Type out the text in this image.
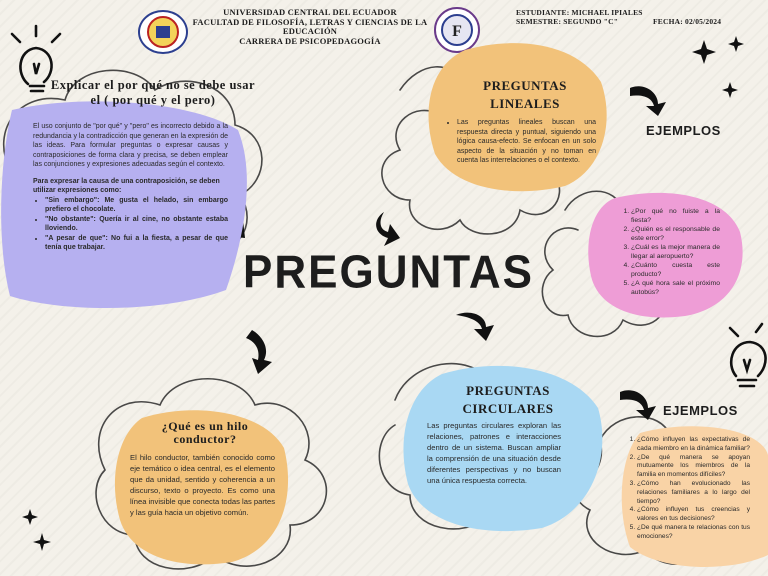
UNIVERSIDAD CENTRAL DEL ECUADOR
FACULTAD DE FILOSOFÍA, LETRAS Y CIENCIAS DE LA
EDUCACIÓN
CARRERA DE PSICOPEDAGOGÍA
F
ESTUDIANTE: MICHAEL IPIALES
SEMESTRE: SEGUNDO "C"	FECHA: 02/05/2024
Explicar el por qué no se debe usar el ( por qué y el pero)
El uso conjunto de "por qué" y "pero" es incorrecto debido a la redundancia y la contradicción que generan en la expresión de las ideas. Para formular preguntas o expresar causas y contraposiciones de forma clara y precisa, se deben emplear las conjunciones y expresiones adecuadas según el contexto.
Para expresar la causa de una contraposición, se deben utilizar expresiones como:
• "Sin embargo": Me gusta el helado, sin embargo prefiero el chocolate.
• "No obstante": Quería ir al cine, no obstante estaba lloviendo.
• "A pesar de que": No fui a la fiesta, a pesar de que tenía que trabajar.
PREGUNTAS LINEALES
• Las preguntas lineales buscan una respuesta directa y puntual, siguiendo una lógica causa-efecto. Se enfocan en un solo aspecto de la situación y no toman en cuenta las interrelaciones o el contexto.
EJEMPLOS
1. ¿Por qué no fuiste a la fiesta?
2. ¿Quién es el responsable de este error?
3. ¿Cuál es la mejor manera de llegar al aeropuerto?
4. ¿Cuánto cuesta este producto?
5. ¿A qué hora sale el próximo autobús?
PREGUNTAS
¿Qué es un hilo conductor?
El hilo conductor, también conocido como eje temático o idea central, es el elemento que da unidad, sentido y coherencia a un discurso, texto o proyecto. Es como una línea invisible que conecta todas las partes y las guía hacia un objetivo común.
PREGUNTAS CIRCULARES
Las preguntas circulares exploran las relaciones, patrones e interacciones dentro de un sistema. Buscan ampliar la comprensión de una situación desde diferentes perspectivas y no buscan una única respuesta correcta.
EJEMPLOS
1. ¿Cómo influyen las expectativas de cada miembro en la dinámica familiar?
2. ¿De qué manera se apoyan mutuamente los miembros de la familia en momentos difíciles?
3. ¿Cómo han evolucionado las relaciones familiares a lo largo del tiempo?
4. ¿Cómo influyen tus creencias y valores en tus decisiones?
5. ¿De qué manera te relacionas con tus emociones?
